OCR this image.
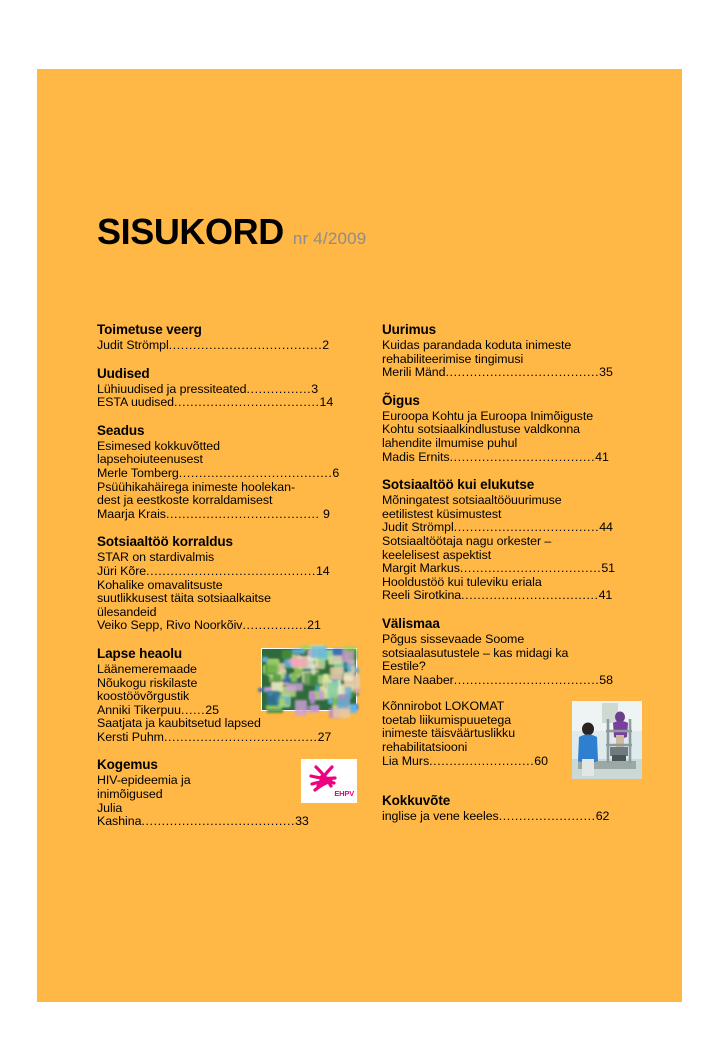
SISUKORD nr 4/2009
Toimetuse veerg
Judit Strömpl......................................2
Uudised
Lühiuudised ja pressiteated................3
ESTA uudised....................................14
Seadus
Esimesed kokkuvõtted
lapsehoiuteenusest
Merle Tomberg......................................6
Psüühikahäirega inimeste hoolekan-
dest ja eestkoste korraldamisest
Maarja Krais...................................... 9
Sotsiaaltöö korraldus
STAR on stardivalmis
Jüri Kõre..........................................14
Kohalike omavalitsuste
suutlikkusest täita sotsiaalkaitse
ülesandeid
Veiko Sepp, Rivo Noorkõiv................21
Lapse heaolu
Läänemeremaade
Nõukogu riskilaste
koostöövõrgustik
Anniki Tikerpuu......25
Saatjata ja kaubitsetud lapsed
Kersti Puhm......................................27
EHPV
Kogemus
HIV-epideemia ja
inimõigused
Julia Kashina......................................33
Uurimus
Kuidas parandada koduta inimeste
rehabiliteerimise tingimusi
Merili Mänd......................................35
Õigus
Euroopa Kohtu ja Euroopa Inimõiguste
Kohtu sotsiaalkindlustuse valdkonna
lahendite ilmumise puhul
Madis Ernits....................................41
Sotsiaaltöö kui elukutse
Mõningatest sotsiaaltööuurimuse
eetilistest küsimustest
Judit Strömpl....................................44
Sotsiaaltöötaja nagu orkester –
keelelisest aspektist
Margit Markus...................................51
Hooldustöö kui tuleviku eriala
Reeli Sirotkina..................................41
Välismaa
Põgus sissevaade Soome
sotsiaalasutustele – kas midagi ka
Eestile?
Mare Naaber....................................58
Kõnnirobot LOKOMAT
toetab liikumispuuetega
inimeste täisväärtuslikku
rehabilitatsiooni
Lia Murs..........................60
Kokkuvõte
inglise ja vene keeles........................62
